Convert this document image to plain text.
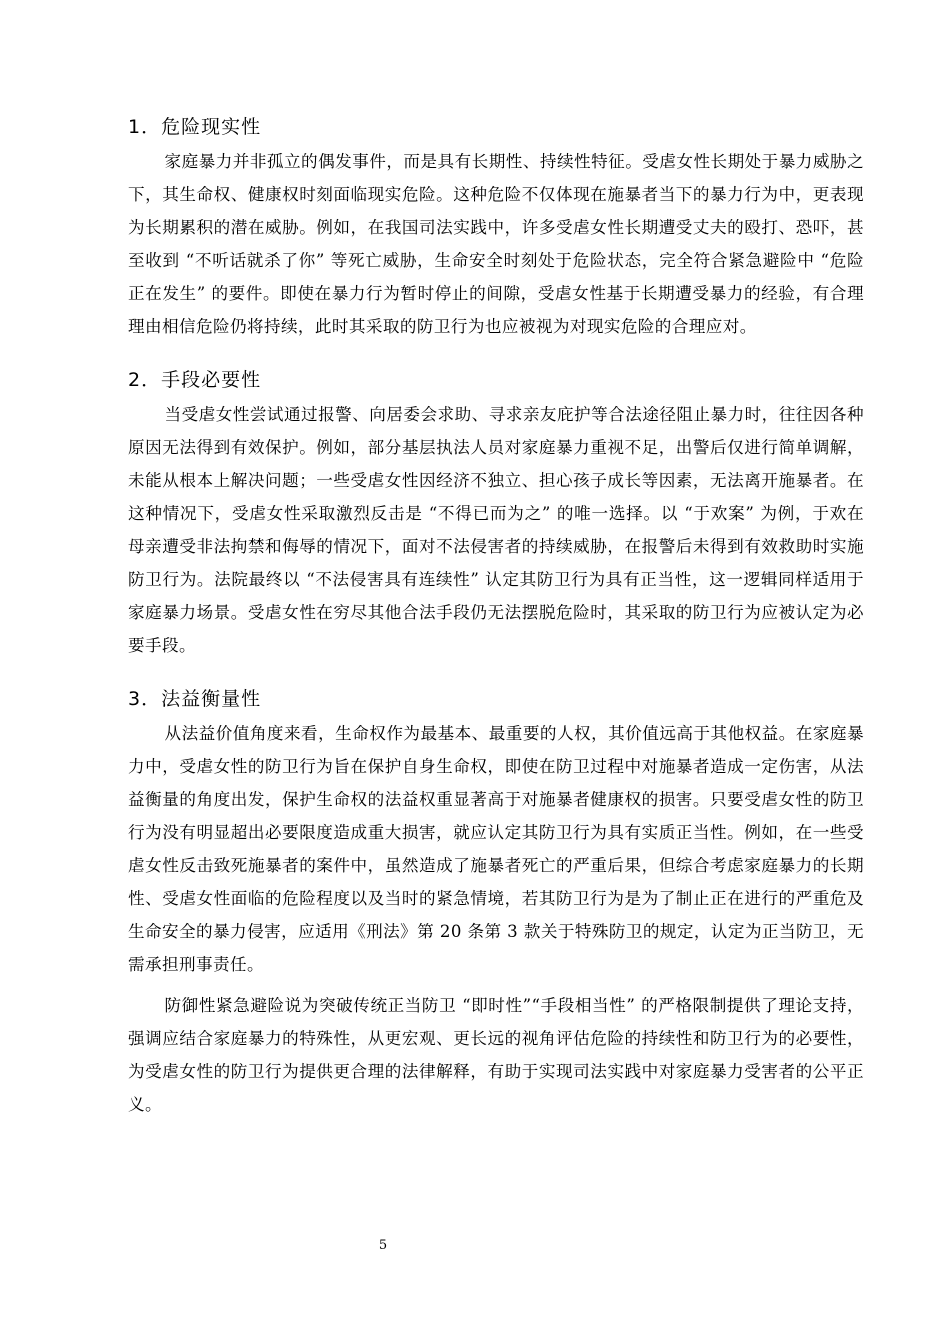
1．危险现实性

家庭暴力并非孤立的偶发事件，而是具有长期性、持续性特征。受虐女性长期处于暴力威胁之下，其生命权、健康权时刻面临现实危险。这种危险不仅体现在施暴者当下的暴力行为中，更表现为长期累积的潜在威胁。例如，在我国司法实践中，许多受虐女性长期遭受丈夫的殴打、恐吓，甚至收到 “不听话就杀了你” 等死亡威胁，生命安全时刻处于危险状态，完全符合紧急避险中 “危险正在发生” 的要件。即使在暴力行为暂时停止的间隙，受虐女性基于长期遭受暴力的经验，有合理理由相信危险仍将持续，此时其采取的防卫行为也应被视为对现实危险的合理应对。

2．手段必要性

当受虐女性尝试通过报警、向居委会求助、寻求亲友庇护等合法途径阻止暴力时，往往因各种原因无法得到有效保护。例如，部分基层执法人员对家庭暴力重视不足，出警后仅进行简单调解，未能从根本上解决问题；一些受虐女性因经济不独立、担心孩子成长等因素，无法离开施暴者。在这种情况下，受虐女性采取激烈反击是 “不得已而为之” 的唯一选择。以 “于欢案” 为例，于欢在母亲遭受非法拘禁和侮辱的情况下，面对不法侵害者的持续威胁，在报警后未得到有效救助时实施防卫行为。法院最终以 “不法侵害具有连续性” 认定其防卫行为具有正当性，这一逻辑同样适用于家庭暴力场景。受虐女性在穷尽其他合法手段仍无法摆脱危险时，其采取的防卫行为应被认定为必要手段。

3．法益衡量性

从法益价值角度来看，生命权作为最基本、最重要的人权，其价值远高于其他权益。在家庭暴力中，受虐女性的防卫行为旨在保护自身生命权，即使在防卫过程中对施暴者造成一定伤害，从法益衡量的角度出发，保护生命权的法益权重显著高于对施暴者健康权的损害。只要受虐女性的防卫行为没有明显超出必要限度造成重大损害，就应认定其防卫行为具有实质正当性。例如，在一些受虐女性反击致死施暴者的案件中，虽然造成了施暴者死亡的严重后果，但综合考虑家庭暴力的长期性、受虐女性面临的危险程度以及当时的紧急情境，若其防卫行为是为了制止正在进行的严重危及生命安全的暴力侵害，应适用《刑法》第 20 条第 3 款关于特殊防卫的规定，认定为正当防卫，无需承担刑事责任。

防御性紧急避险说为突破传统正当防卫 “即时性”“手段相当性” 的严格限制提供了理论支持，强调应结合家庭暴力的特殊性，从更宏观、更长远的视角评估危险的持续性和防卫行为的必要性，为受虐女性的防卫行为提供更合理的法律解释，有助于实现司法实践中对家庭暴力受害者的公平正义。

5
